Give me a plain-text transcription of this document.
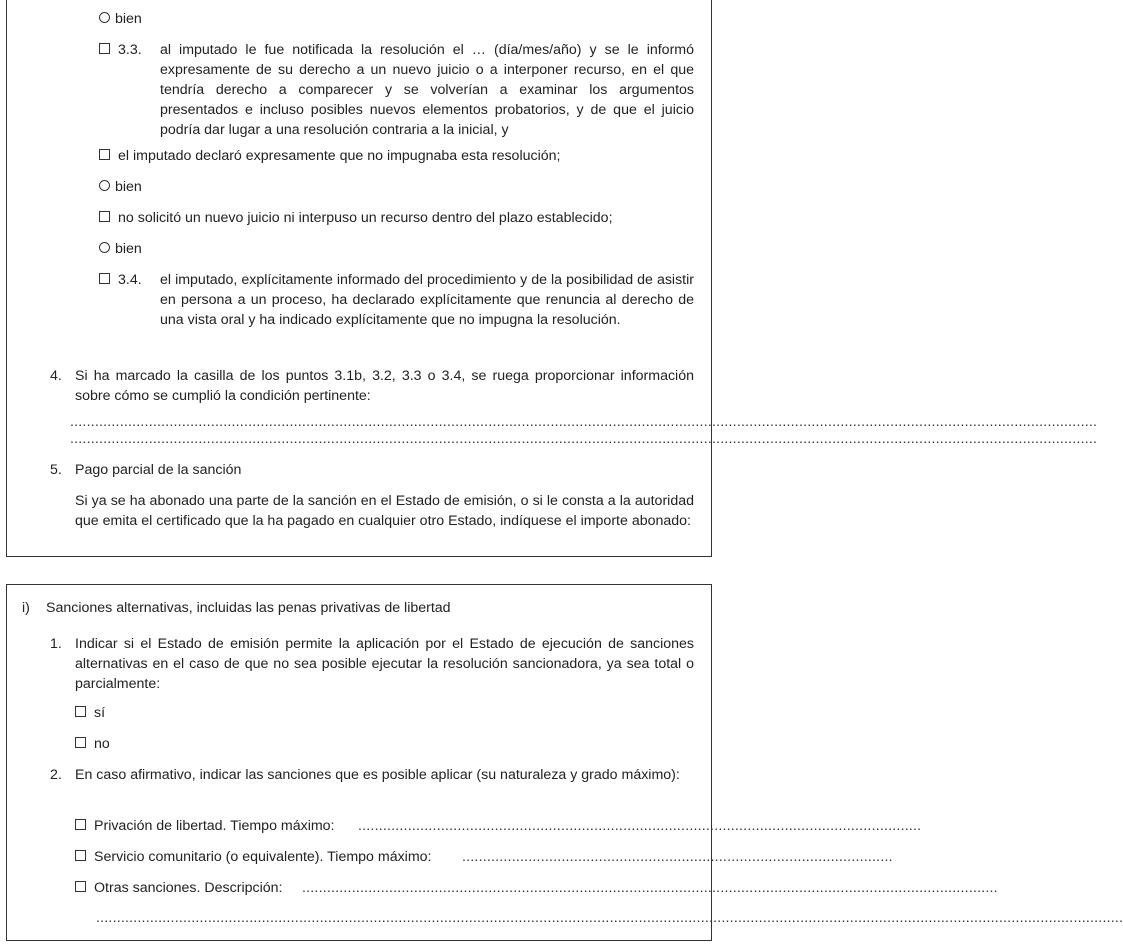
bien
3.3. al imputado le fue notificada la resolución el … (día/mes/año) y se le informó expresamente de su derecho a un nuevo juicio o a interponer recurso, en el que tendría derecho a comparecer y se volverían a examinar los argumentos presentados e incluso posibles nuevos elementos probatorios, y de que el juicio podría dar lugar a una resolución contraria a la inicial, y
el imputado declaró expresamente que no impugnaba esta resolución;
bien
no solicitó un nuevo juicio ni interpuso un recurso dentro del plazo establecido;
bien
3.4. el imputado, explícitamente informado del procedimiento y de la posibilidad de asistir en persona a un proceso, ha declarado explícitamente que renuncia al derecho de una vista oral y ha indicado explícitamente que no impugna la resolución.
4. Si ha marcado la casilla de los puntos 3.1b, 3.2, 3.3 o 3.4, se ruega proporcionar información sobre cómo se cumplió la condición pertinente:
........................................................................................................................................................................................................................................................
........................................................................................................................................................................................................................................................
5. Pago parcial de la sanción
Si ya se ha abonado una parte de la sanción en el Estado de emisión, o si le consta a la autoridad que emita el certificado que la ha pagado en cualquier otro Estado, indíquese el importe abonado:
i) Sanciones alternativas, incluidas las penas privativas de libertad
1. Indicar si el Estado de emisión permite la aplicación por el Estado de ejecución de sanciones alternativas en el caso de que no sea posible ejecutar la resolución sancionadora, ya sea total o parcialmente:
sí
no
2. En caso afirmativo, indicar las sanciones que es posible aplicar (su naturaleza y grado máximo):
Privación de libertad. Tiempo máximo: ........................................................................................................................................
Servicio comunitario (o equivalente). Tiempo máximo: ........................................................................................................
Otras sanciones. Descripción: ........................................................................................................................................................................
........................................................................................................................................................................................................................................................
